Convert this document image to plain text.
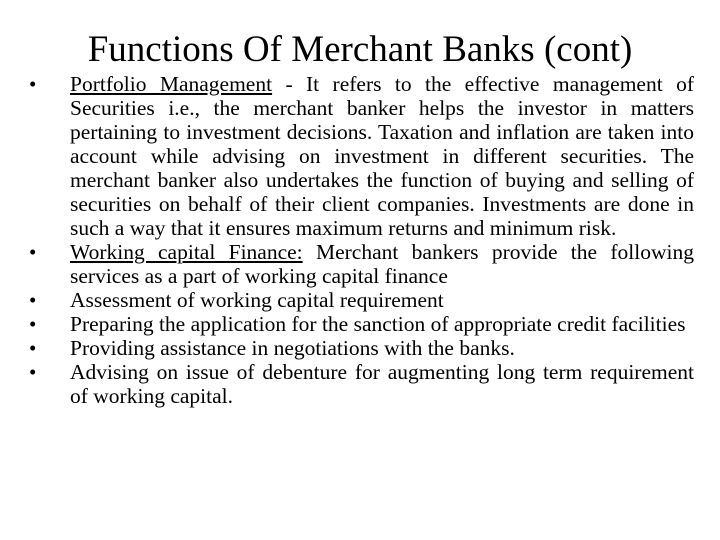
Functions Of Merchant Banks (cont)
• Portfolio Management - It refers to the effective management of Securities i.e., the merchant banker helps the investor in matters pertaining to investment decisions. Taxation and inflation are taken into account while advising on investment in different securities. The merchant banker also undertakes the function of buying and selling of securities on behalf of their client companies. Investments are done in such a way that it ensures maximum returns and minimum risk.
• Working capital Finance: Merchant bankers provide the following services as a part of working capital finance
• Assessment of working capital requirement
• Preparing the application for the sanction of appropriate credit facilities
• Providing assistance in negotiations with the banks.
• Advising on issue of debenture for augmenting long term requirement of working capital.
